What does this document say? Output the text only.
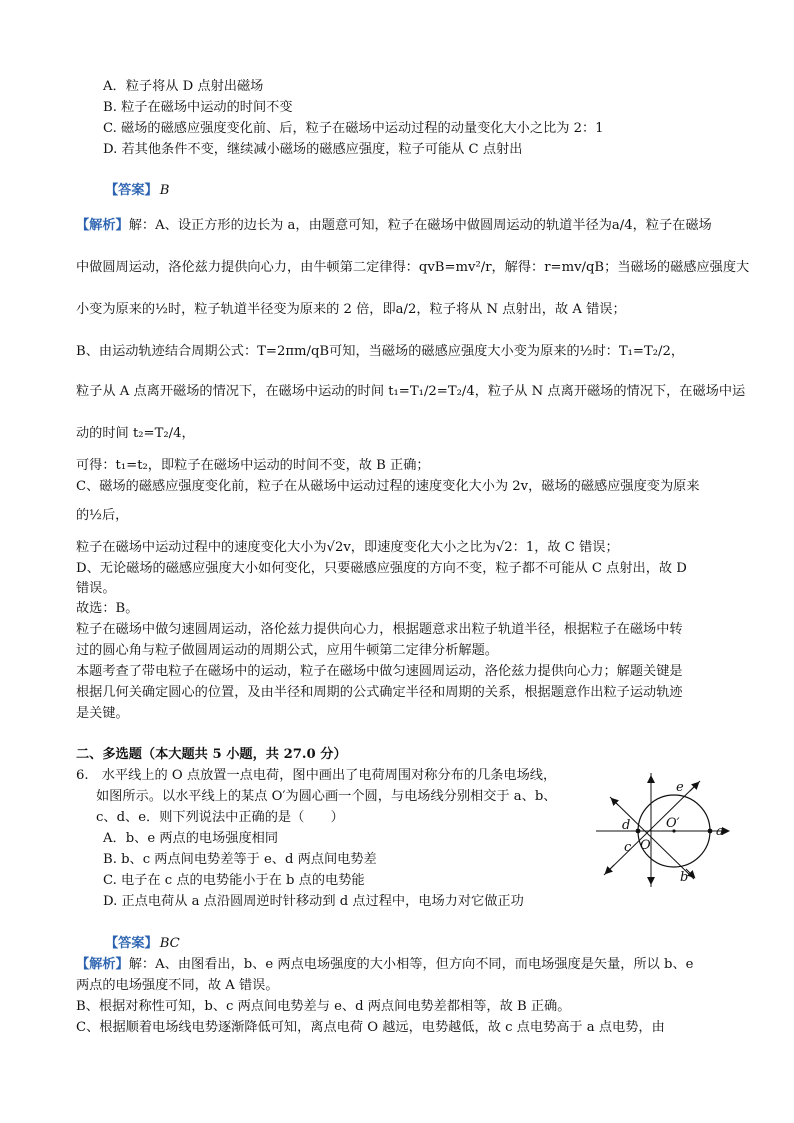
A．粒子将从 D 点射出磁场
B. 粒子在磁场中运动的时间不变
C. 磁场的磁感应强度变化前、后，粒子在磁场中运动过程的动量变化大小之比为 2：1
D. 若其他条件不变，继续减小磁场的磁感应强度，粒子可能从 C 点射出
【答案】 B
【解析】解：A、设正方形的边长为 a，由题意可知，粒子在磁场中做圆周运动的轨道半径为a/4，粒子在磁场
中做圆周运动，洛伦兹力提供向心力，由牛顿第二定律得：qvB=mv²/r，解得：r=mv/qB；当磁场的磁感应强度大
小变为原来的½时，粒子轨道半径变为原来的 2 倍，即a/2，粒子将从 N 点射出，故 A 错误；
B、由运动轨迹结合周期公式：T=2πm/qB可知，当磁场的磁感应强度大小变为原来的½时：T₁=T₂/2，
粒子从 A 点离开磁场的情况下，在磁场中运动的时间 t₁=T₁/2=T₂/4，粒子从 N 点离开磁场的情况下，在磁场中运
动的时间 t₂=T₂/4，
可得：t₁=t₂，即粒子在磁场中运动的时间不变，故 B 正确；
C、磁场的磁感应强度变化前，粒子在从磁场中运动过程的速度变化大小为 2v，磁场的磁感应强度变为原来
的½后，
粒子在磁场中运动过程中的速度变化大小为√2v，即速度变化大小之比为√2：1，故 C 错误；
D、无论磁场的磁感应强度大小如何变化，只要磁感应强度的方向不变，粒子都不可能从 C 点射出，故 D
错误。
故选：B。
粒子在磁场中做匀速圆周运动，洛伦兹力提供向心力，根据题意求出粒子轨道半径，根据粒子在磁场中转
过的圆心角与粒子做圆周运动的周期公式，应用牛顿第二定律分析解题。
本题考查了带电粒子在磁场中的运动，粒子在磁场中做匀速圆周运动，洛伦兹力提供向心力；解题关键是
根据几何关确定圆心的位置，及由半径和周期的公式确定半径和周期的关系，根据题意作出粒子运动轨迹
是关键。
二、多选题（本大题共 5 小题，共 27.0 分）
6.　水平线上的 O 点放置一点电荷，图中画出了电荷周围对称分布的几条电场线，
如图所示。以水平线上的某点 O′为圆心画一个圆，与电场线分别相交于 a、b、
c、d、e．则下列说法中正确的是（　　）
A．b、e 两点的电场强度相同
B. b、c 两点间电势差等于 e、d 两点间电势差
C. 电子在 c 点的电势能小于在 b 点的电势能
D. 正点电荷从 a 点沿圆周逆时针移动到 d 点过程中，电场力对它做正功
a
b
c
d
e
O
O′
【答案】 BC
【解析】解：A、由图看出，b、e 两点电场强度的大小相等，但方向不同，而电场强度是矢量，所以 b、e
两点的电场强度不同，故 A 错误。
B、根据对称性可知，b、c 两点间电势差与 e、d 两点间电势差都相等，故 B 正确。
C、根据顺着电场线电势逐渐降低可知，离点电荷 O 越远，电势越低，故 c 点电势高于 a 点电势，由
